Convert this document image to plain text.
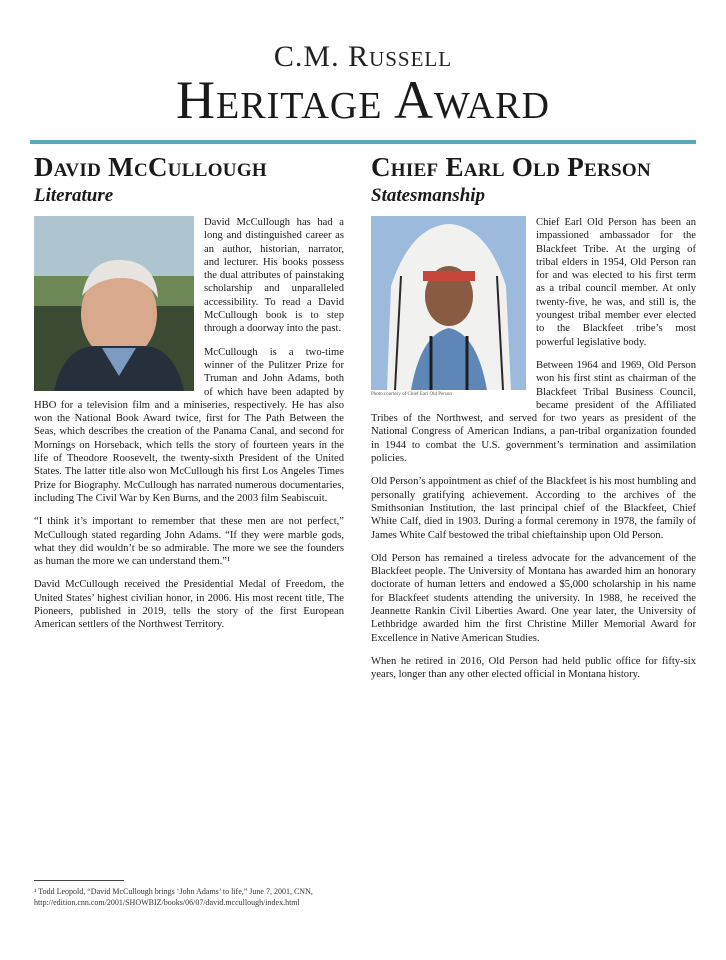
C.M. Russell
Heritage Award
David McCullough
Literature

David McCullough has had a long and distinguished career as an author, historian, narrator, and lecturer. His books possess the dual attributes of painstaking scholarship and unparalleled accessibility. To read a David McCullough book is to step through a doorway into the past.

McCullough is a two-time winner of the Pulitzer Prize for Truman and John Adams, both of which have been adapted by HBO for a television film and a miniseries, respectively. He has also won the National Book Award twice, first for The Path Between the Seas, which describes the creation of the Panama Canal, and second for Mornings on Horseback, which tells the story of fourteen years in the life of Theodore Roosevelt, the twenty-sixth President of the United States. The latter title also won McCullough his first Los Angeles Times Prize for Biography. McCullough has narrated numerous documentaries, including The Civil War by Ken Burns, and the 2003 film Seabiscuit.

“I think it’s important to remember that these men are not perfect,” McCullough stated regarding John Adams. “If they were marble gods, what they did wouldn’t be so admirable. The more we see the founders as human the more we can understand them.”¹

David McCullough received the Presidential Medal of Freedom, the United States’ highest civilian honor, in 2006. His most recent title, The Pioneers, published in 2019, tells the story of the first European American settlers of the Northwest Territory.

Chief Earl Old Person
Statesmanship
Photo courtesy of Chief Earl Old Person

Chief Earl Old Person has been an impassioned ambassador for the Blackfeet Tribe. At the urging of tribal elders in 1954, Old Person ran for and was elected to his first term as a tribal council member. At only twenty-five, he was, and still is, the youngest tribal member ever elected to the Blackfeet tribe’s most powerful legislative body.

Between 1964 and 1969, Old Person won his first stint as chairman of the Blackfeet Tribal Business Council, became president of the Affiliated Tribes of the Northwest, and served for two years as president of the National Congress of American Indians, a pan-tribal organization founded in 1944 to combat the U.S. government’s termination and assimilation policies.

Old Person’s appointment as chief of the Blackfeet is his most humbling and personally gratifying achievement. According to the archives of the Smithsonian Institution, the last principal chief of the Blackfeet, Chief White Calf, died in 1903. During a formal ceremony in 1978, the family of James White Calf bestowed the tribal chieftainship upon Old Person.

Old Person has remained a tireless advocate for the advancement of the Blackfeet people. The University of Montana has awarded him an honorary doctorate of human letters and endowed a $5,000 scholarship in his name for Blackfeet students attending the university. In 1988, he received the Jeannette Rankin Civil Liberties Award. One year later, the University of Lethbridge awarded him the first Christine Miller Memorial Award for Excellence in Native American Studies.

When he retired in 2016, Old Person had held public office for fifty-six years, longer than any other elected official in Montana history.

¹ Todd Leopold, “David McCullough brings ‘John Adams’ to life,” June 7, 2001, CNN, http://edition.cnn.com/2001/SHOWBIZ/books/06/07/david.mccullough/index.html
